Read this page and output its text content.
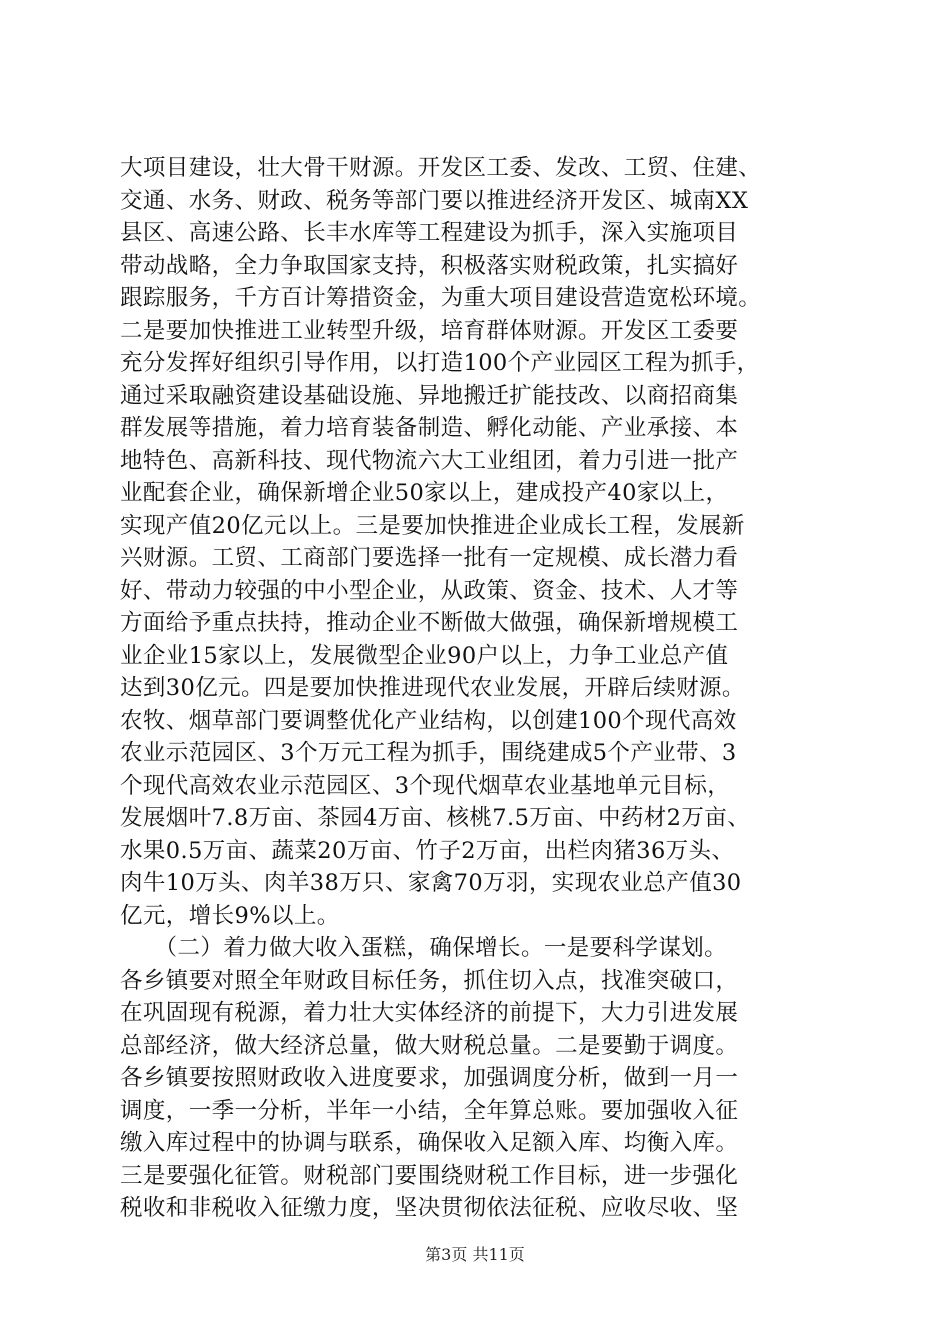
大项目建设，壮大骨干财源。开发区工委、发改、工贸、住建、
交通、水务、财政、税务等部门要以推进经济开发区、城南XX
县区、高速公路、长丰水库等工程建设为抓手，深入实施项目
带动战略，全力争取国家支持，积极落实财税政策，扎实搞好
跟踪服务，千方百计筹措资金，为重大项目建设营造宽松环境。
二是要加快推进工业转型升级，培育群体财源。开发区工委要
充分发挥好组织引导作用，以打造100个产业园区工程为抓手，
通过采取融资建设基础设施、异地搬迁扩能技改、以商招商集
群发展等措施，着力培育装备制造、孵化动能、产业承接、本
地特色、高新科技、现代物流六大工业组团，着力引进一批产
业配套企业，确保新增企业50家以上，建成投产40家以上，
实现产值20亿元以上。三是要加快推进企业成长工程，发展新
兴财源。工贸、工商部门要选择一批有一定规模、成长潜力看
好、带动力较强的中小型企业，从政策、资金、技术、人才等
方面给予重点扶持，推动企业不断做大做强，确保新增规模工
业企业15家以上，发展微型企业90户以上，力争工业总产值
达到30亿元。四是要加快推进现代农业发展，开辟后续财源。
农牧、烟草部门要调整优化产业结构，以创建100个现代高效
农业示范园区、3个万元工程为抓手，围绕建成5个产业带、3
个现代高效农业示范园区、3个现代烟草农业基地单元目标，
发展烟叶7.8万亩、茶园4万亩、核桃7.5万亩、中药材2万亩、
水果0.5万亩、蔬菜20万亩、竹子2万亩，出栏肉猪36万头、
肉牛10万头、肉羊38万只、家禽70万羽，实现农业总产值30
亿元，增长9%以上。
　　（二）着力做大收入蛋糕，确保增长。一是要科学谋划。
各乡镇要对照全年财政目标任务，抓住切入点，找准突破口，
在巩固现有税源，着力壮大实体经济的前提下，大力引进发展
总部经济，做大经济总量，做大财税总量。二是要勤于调度。
各乡镇要按照财政收入进度要求，加强调度分析，做到一月一
调度，一季一分析，半年一小结，全年算总账。要加强收入征
缴入库过程中的协调与联系，确保收入足额入库、均衡入库。
三是要强化征管。财税部门要围绕财税工作目标，进一步强化
税收和非税收入征缴力度，坚决贯彻依法征税、应收尽收、坚
第3页 共11页
